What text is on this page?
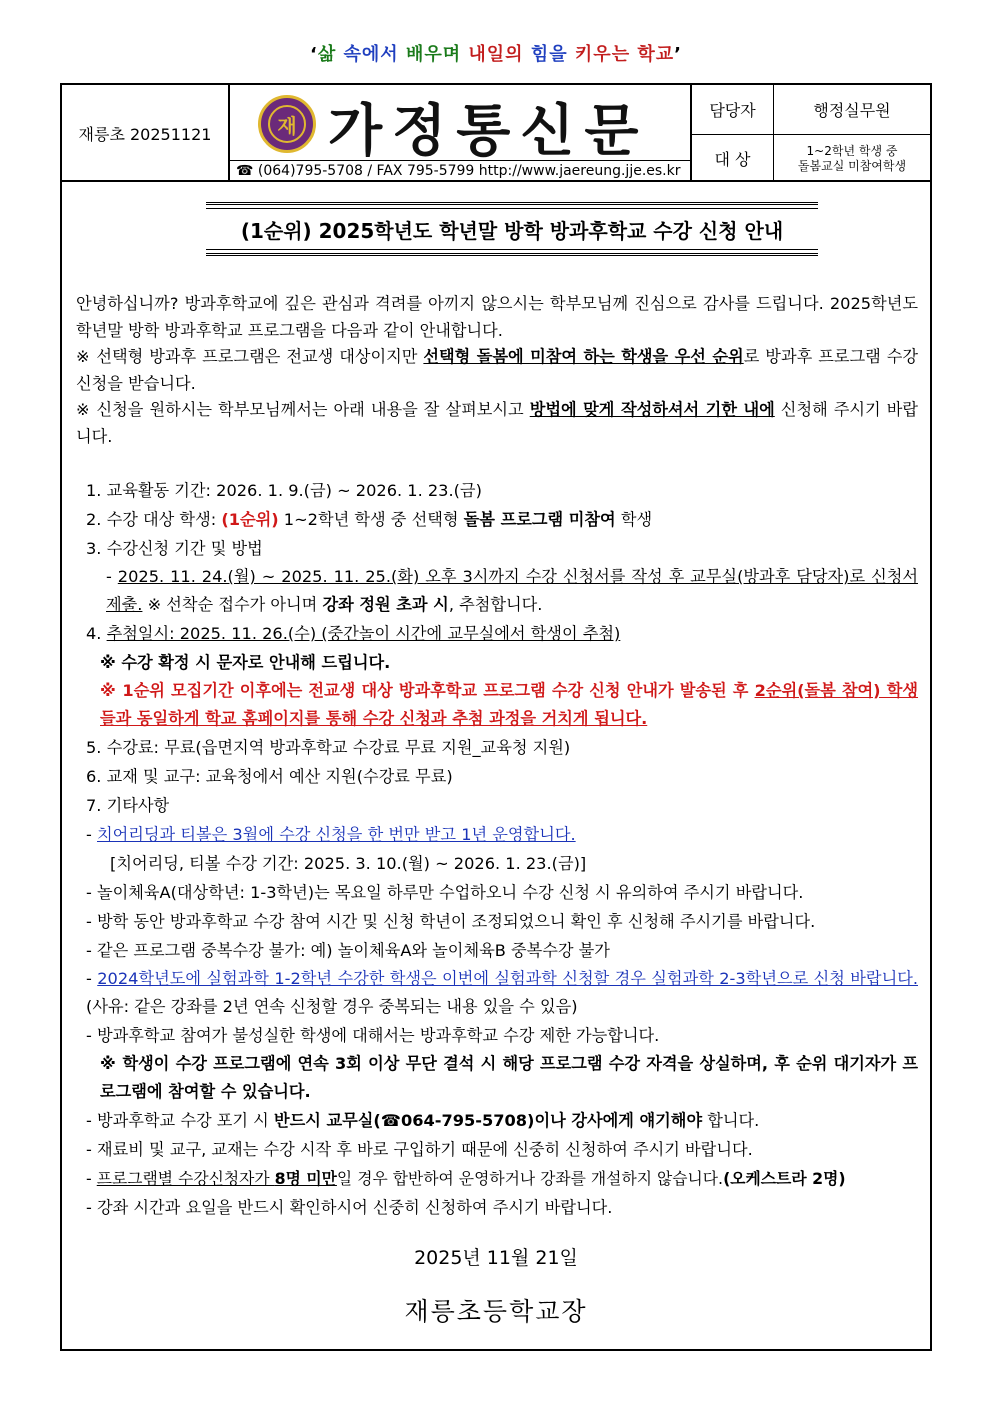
‘삶 속에서 배우며 내일의 힘을 키우는 학교’
재릉초 20251121	재 가정통신문
☎ (064)795-5708 / FAX 795-5799 http://www.jaereung.jje.es.kr
담당자	행정실무원
대 상	1~2학년 학생 중
돌봄교실 미참여학생
(1순위) 2025학년도 학년말 방학 방과후학교 수강 신청 안내

안녕하십니까? 방과후학교에 깊은 관심과 격려를 아끼지 않으시는 학부모님께 진심으로 감사를 드립니다. 2025학년도 학년말 방학 방과후학교 프로그램을 다음과 같이 안내합니다.

※ 선택형 방과후 프로그램은 전교생 대상이지만 선택형 돌봄에 미참여 하는 학생을 우선 순위로 방과후 프로그램 수강 신청을 받습니다.

※ 신청을 원하시는 학부모님께서는 아래 내용을 잘 살펴보시고 방법에 맞게 작성하셔서 기한 내에 신청해 주시기 바랍니다.

1. 교육활동 기간: 2026. 1. 9.(금) ~ 2026. 1. 23.(금)
2. 수강 대상 학생: (1순위) 1~2학년 학생 중 선택형 돌봄 프로그램 미참여 학생
3. 수강신청 기간 및 방법
- 2025. 11. 24.(월) ~ 2025. 11. 25.(화) 오후 3시까지 수강 신청서를 작성 후 교무실(방과후 담당자)로 신청서 제출. ※ 선착순 접수가 아니며 강좌 정원 초과 시, 추첨합니다.
4. 추첨일시: 2025. 11. 26.(수) (중간놀이 시간에 교무실에서 학생이 추첨)
※ 수강 확정 시 문자로 안내해 드립니다.
※ 1순위 모집기간 이후에는 전교생 대상 방과후학교 프로그램 수강 신청 안내가 발송된 후 2순위(돌봄 참여) 학생들과 동일하게 학교 홈페이지를 통해 수강 신청과 추첨 과정을 거치게 됩니다.
5. 수강료: 무료(읍면지역 방과후학교 수강료 무료 지원_교육청 지원)
6. 교재 및 교구: 교육청에서 예산 지원(수강료 무료)
7. 기타사항
- 치어리딩과 티볼은 3월에 수강 신청을 한 번만 받고 1년 운영합니다.
[치어리딩, 티볼 수강 기간: 2025. 3. 10.(월) ~ 2026. 1. 23.(금)]
- 놀이체육A(대상학년: 1-3학년)는 목요일 하루만 수업하오니 수강 신청 시 유의하여 주시기 바랍니다.
- 방학 동안 방과후학교 수강 참여 시간 및 신청 학년이 조정되었으니 확인 후 신청해 주시기를 바랍니다.
- 같은 프로그램 중복수강 불가: 예) 놀이체육A와 놀이체육B 중복수강 불가
- 2024학년도에 실험과학 1-2학년 수강한 학생은 이번에 실험과학 신청할 경우 실험과학 2-3학년으로 신청 바랍니다. (사유: 같은 강좌를 2년 연속 신청할 경우 중복되는 내용 있을 수 있음)
- 방과후학교 참여가 불성실한 학생에 대해서는 방과후학교 수강 제한 가능합니다.
※ 학생이 수강 프로그램에 연속 3회 이상 무단 결석 시 해당 프로그램 수강 자격을 상실하며, 후 순위 대기자가 프로그램에 참여할 수 있습니다.
- 방과후학교 수강 포기 시 반드시 교무실(☎064-795-5708)이나 강사에게 얘기해야 합니다.
- 재료비 및 교구, 교재는 수강 시작 후 바로 구입하기 때문에 신중히 신청하여 주시기 바랍니다.
- 프로그램별 수강신청자가 8명 미만일 경우 합반하여 운영하거나 강좌를 개설하지 않습니다.(오케스트라 2명)
- 강좌 시간과 요일을 반드시 확인하시어 신중히 신청하여 주시기 바랍니다.
2025년 11월 21일
재릉초등학교장
